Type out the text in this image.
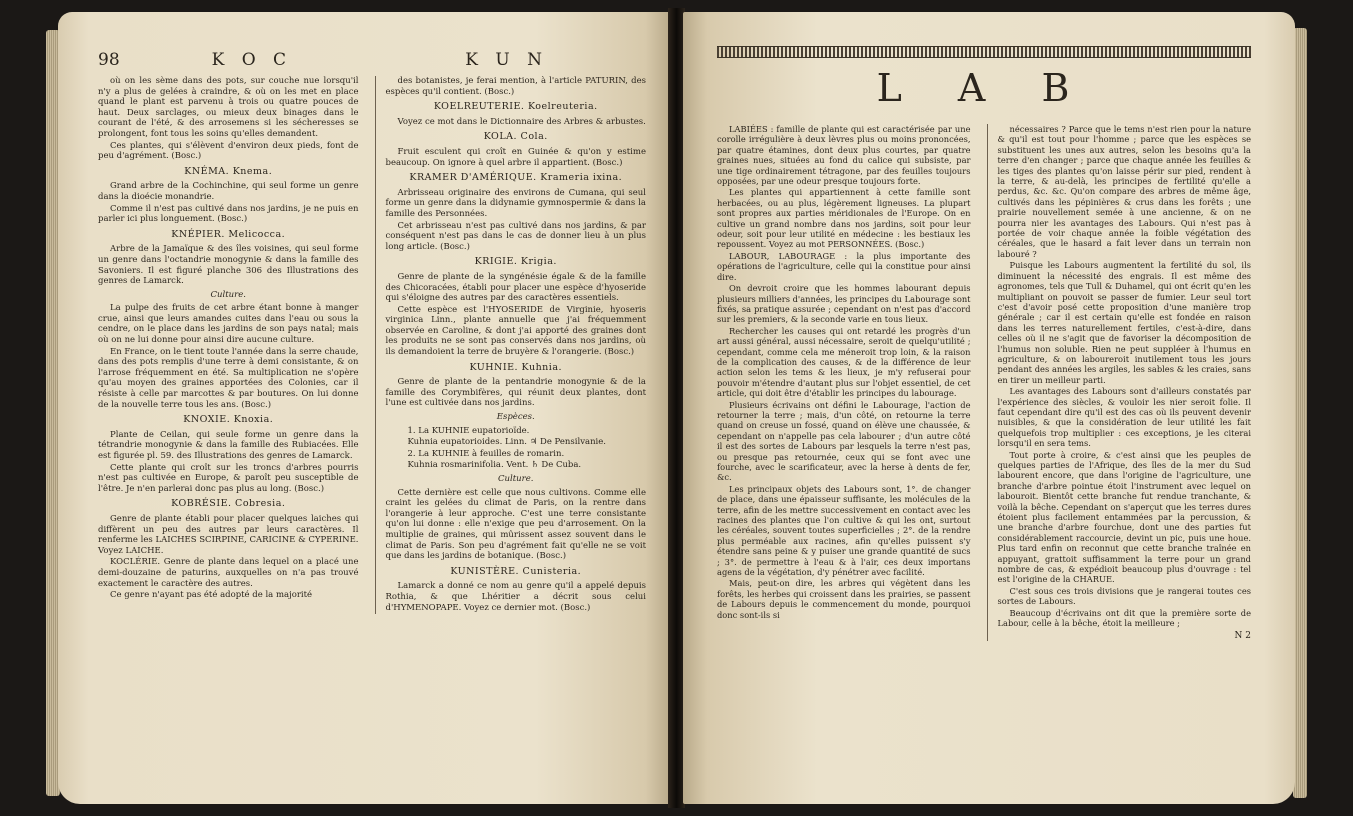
98	K O C	K U N

où on les sème dans des pots, sur couche nue lorsqu'il n'y a plus de gelées à craindre, & où on les met en place quand le plant est parvenu à trois ou quatre pouces de haut. Deux sarclages, ou mieux deux binages dans le courant de l'été, & des arrosemens si les sécheresses se prolongent, font tous les soins qu'elles demandent.

Ces plantes, qui s'élèvent d'environ deux pieds, font de peu d'agrément. (Bosc.)

KNÉMA. Knema.

Grand arbre de la Cochinchine, qui seul forme un genre dans la dioécie monandrie.

Comme il n'est pas cultivé dans nos jardins, je ne puis en parler ici plus longuement. (Bosc.)

KNÉPIER. Melicocca.

Arbre de la Jamaïque & des îles voisines, qui seul forme un genre dans l'octandrie monogynie & dans la famille des Savoniers. Il est figuré planche 306 des Illustrations des genres de Lamarck.

Culture.

La pulpe des fruits de cet arbre étant bonne à manger crue, ainsi que leurs amandes cuites dans l'eau ou sous la cendre, on le place dans les jardins de son pays natal; mais où on ne lui donne pour ainsi dire aucune culture.

En France, on le tient toute l'année dans la serre chaude, dans des pots remplis d'une terre à demi consistante, & on l'arrose fréquemment en été. Sa multiplication ne s'opère qu'au moyen des graines apportées des Colonies, car il résiste à celle par marcottes & par boutures. On lui donne de la nouvelle terre tous les ans. (Bosc.)

KNOXIE. Knoxia.

Plante de Ceilan, qui seule forme un genre dans la tétrandrie monogynie & dans la famille des Rubiacées. Elle est figurée pl. 59. des Illustrations des genres de Lamarck.

Cette plante qui croît sur les troncs d'arbres pourris n'est pas cultivée en Europe, & paroît peu susceptible de l'être. Je n'en parlerai donc pas plus au long. (Bosc.)

KOBRÉSIE. Cobresia.

Genre de plante établi pour placer quelques laiches qui diffèrent un peu des autres par leurs caractères. Il renferme les LAICHES SCIRPINE, CARICINE & CYPERINE. Voyez LAICHE.

KOCLÉRIE. Genre de plante dans lequel on a placé une demi-douzaine de paturins, auxquelles on n'a pas trouvé exactement le caractère des autres.

Ce genre n'ayant pas été adopté de la majorité

des botanistes, je ferai mention, à l'article PATURIN, des espèces qu'il contient. (Bosc.)

KOELREUTERIE. Koelreuteria.

Voyez ce mot dans le Dictionnaire des Arbres & arbustes.

KOLA. Cola.

Fruit esculent qui croît en Guinée & qu'on y estime beaucoup. On ignore à quel arbre il appartient. (Bosc.)

KRAMER D'AMÉRIQUE. Krameria ixina.

Arbrisseau originaire des environs de Cumana, qui seul forme un genre dans la didynamie gymnospermie & dans la famille des Personnées.

Cet arbrisseau n'est pas cultivé dans nos jardins, & par conséquent n'est pas dans le cas de donner lieu à un plus long article. (Bosc.)

KRIGIE. Krigia.

Genre de plante de la syngénésie égale & de la famille des Chicoracées, établi pour placer une espèce d'hyoseride qui s'éloigne des autres par des caractères essentiels.

Cette espèce est l'HYOSERIDE de Virginie, hyoseris virginica Linn., plante annuelle que j'ai fréquemment observée en Caroline, & dont j'ai apporté des graines dont les produits ne se sont pas conservés dans nos jardins, où ils demandoient la terre de bruyère & l'orangerie. (Bosc.)

KUHNIE. Kuhnia.

Genre de plante de la pentandrie monogynie & de la famille des Corymbifères, qui réunit deux plantes, dont l'une est cultivée dans nos jardins.

Espèces.

1. La KUHNIE eupatorioïde.

Kuhnia eupatorioides. Linn. ♃ De Pensilvanie.

2. La KUHNIE à feuilles de romarin.

Kuhnia rosmarinifolia. Vent. ♄ De Cuba.

Culture.

Cette dernière est celle que nous cultivons. Comme elle craint les gelées du climat de Paris, on la rentre dans l'orangerie à leur approche. C'est une terre consistante qu'on lui donne : elle n'exige que peu d'arrosement. On la multiplie de graines, qui mûrissent assez souvent dans le climat de Paris. Son peu d'agrément fait qu'elle ne se voit que dans les jardins de botanique. (Bosc.)

KUNISTÈRE. Cunisteria.

Lamarck a donné ce nom au genre qu'il a appelé depuis Rothia, & que Lhéritier a décrit sous celui d'HYMENOPAPE. Voyez ce dernier mot. (Bosc.)

L A B

LABIÉES : famille de plante qui est caractérisée par une corolle irrégulière à deux lèvres plus ou moins prononcées, par quatre étamines, dont deux plus courtes, par quatre graines nues, situées au fond du calice qui subsiste, par une tige ordinairement tétragone, par des feuilles toujours opposées, par une odeur presque toujours forte.

Les plantes qui appartiennent à cette famille sont herbacées, ou au plus, légèrement ligneuses. La plupart sont propres aux parties méridionales de l'Europe. On en cultive un grand nombre dans nos jardins, soit pour leur odeur, soit pour leur utilité en médecine : les bestiaux les repoussent. Voyez au mot PERSONNÉES. (Bosc.)

LABOUR, LABOURAGE : la plus importante des opérations de l'agriculture, celle qui la constitue pour ainsi dire.

On devroit croire que les hommes labourant depuis plusieurs milliers d'années, les principes du Labourage sont fixés, sa pratique assurée ; cependant on n'est pas d'accord sur les premiers, & la seconde varie en tous lieux.

Rechercher les causes qui ont retardé les progrès d'un art aussi général, aussi nécessaire, seroit de quelqu'utilité ; cependant, comme cela me méneroit trop loin, & la raison de la complication des causes, & de la différence de leur action selon les tems & les lieux, je m'y refuserai pour pouvoir m'étendre d'autant plus sur l'objet essentiel, de cet article, qui doit être d'établir les principes du labourage.

Plusieurs écrivains ont défini le Labourage, l'action de retourner la terre ; mais, d'un côté, on retourne la terre quand on creuse un fossé, quand on élève une chaussée, & cependant on n'appelle pas cela labourer ; d'un autre côté il est des sortes de Labours par lesquels la terre n'est pas, ou presque pas retournée, ceux qui se font avec une fourche, avec le scarificateur, avec la herse à dents de fer, &c.

Les principaux objets des Labours sont, 1°. de changer de place, dans une épaisseur suffisante, les molécules de la terre, afin de les mettre successivement en contact avec les racines des plantes que l'on cultive & qui les ont, surtout les céréales, souvent toutes superficielles ; 2°. de la rendre plus perméable aux racines, afin qu'elles puissent s'y étendre sans peine & y puiser une grande quantité de sucs ; 3°. de permettre à l'eau & à l'air, ces deux importans agens de la végétation, d'y pénétrer avec facilité.

Mais, peut-on dire, les arbres qui végètent dans les forêts, les herbes qui croissent dans les prairies, se passent de Labours depuis le commencement du monde, pourquoi donc sont-ils si

nécessaires ? Parce que le tems n'est rien pour la nature & qu'il est tout pour l'homme ; parce que les espèces se substituent les unes aux autres, selon les besoins qu'a la terre d'en changer ; parce que chaque année les feuilles & les tiges des plantes qu'on laisse périr sur pied, rendent à la terre, & au-delà, les principes de fertilité qu'elle a perdus, &c. &c. Qu'on compare des arbres de même âge, cultivés dans les pépinières & crus dans les forêts ; une prairie nouvellement semée à une ancienne, & on ne pourra nier les avantages des Labours. Qui n'est pas à portée de voir chaque année la foible végétation des céréales, que le hasard a fait lever dans un terrain non labouré ?

Puisque les Labours augmentent la fertilité du sol, ils diminuent la nécessité des engrais. Il est même des agronomes, tels que Tull & Duhamel, qui ont écrit qu'en les multipliant on pouvoit se passer de fumier. Leur seul tort c'est d'avoir posé cette proposition d'une manière trop générale ; car il est certain qu'elle est fondée en raison dans les terres naturellement fertiles, c'est-à-dire, dans celles où il ne s'agit que de favoriser la décomposition de l'humus non soluble. Rien ne peut suppléer à l'humus en agriculture, & on laboureroit inutilement tous les jours pendant des années les argiles, les sables & les craies, sans en tirer un meilleur parti.

Les avantages des Labours sont d'ailleurs constatés par l'expérience des siècles, & vouloir les nier seroit folie. Il faut cependant dire qu'il est des cas où ils peuvent devenir nuisibles, & que la considération de leur utilité les fait quelquefois trop multiplier : ces exceptions, je les citerai lorsqu'il en sera tems.

Tout porte à croire, & c'est ainsi que les peuples de quelques parties de l'Afrique, des îles de la mer du Sud labourent encore, que dans l'origine de l'agriculture, une branche d'arbre pointue étoit l'instrument avec lequel on labouroit. Bientôt cette branche fut rendue tranchante, & voilà la bêche. Cependant on s'aperçut que les terres dures étoient plus facilement entammées par la percussion, & une branche d'arbre fourchue, dont une des parties fut considérablement raccourcie, devint un pic, puis une houe. Plus tard enfin on reconnut que cette branche traînée en appuyant, grattoit suffisamment la terre pour un grand nombre de cas, & expédioit beaucoup plus d'ouvrage : tel est l'origine de la CHARUE.

C'est sous ces trois divisions que je rangerai toutes ces sortes de Labours.

Beaucoup d'écrivains ont dit que la première sorte de Labour, celle à la bêche, étoit la meilleure ;

N 2
